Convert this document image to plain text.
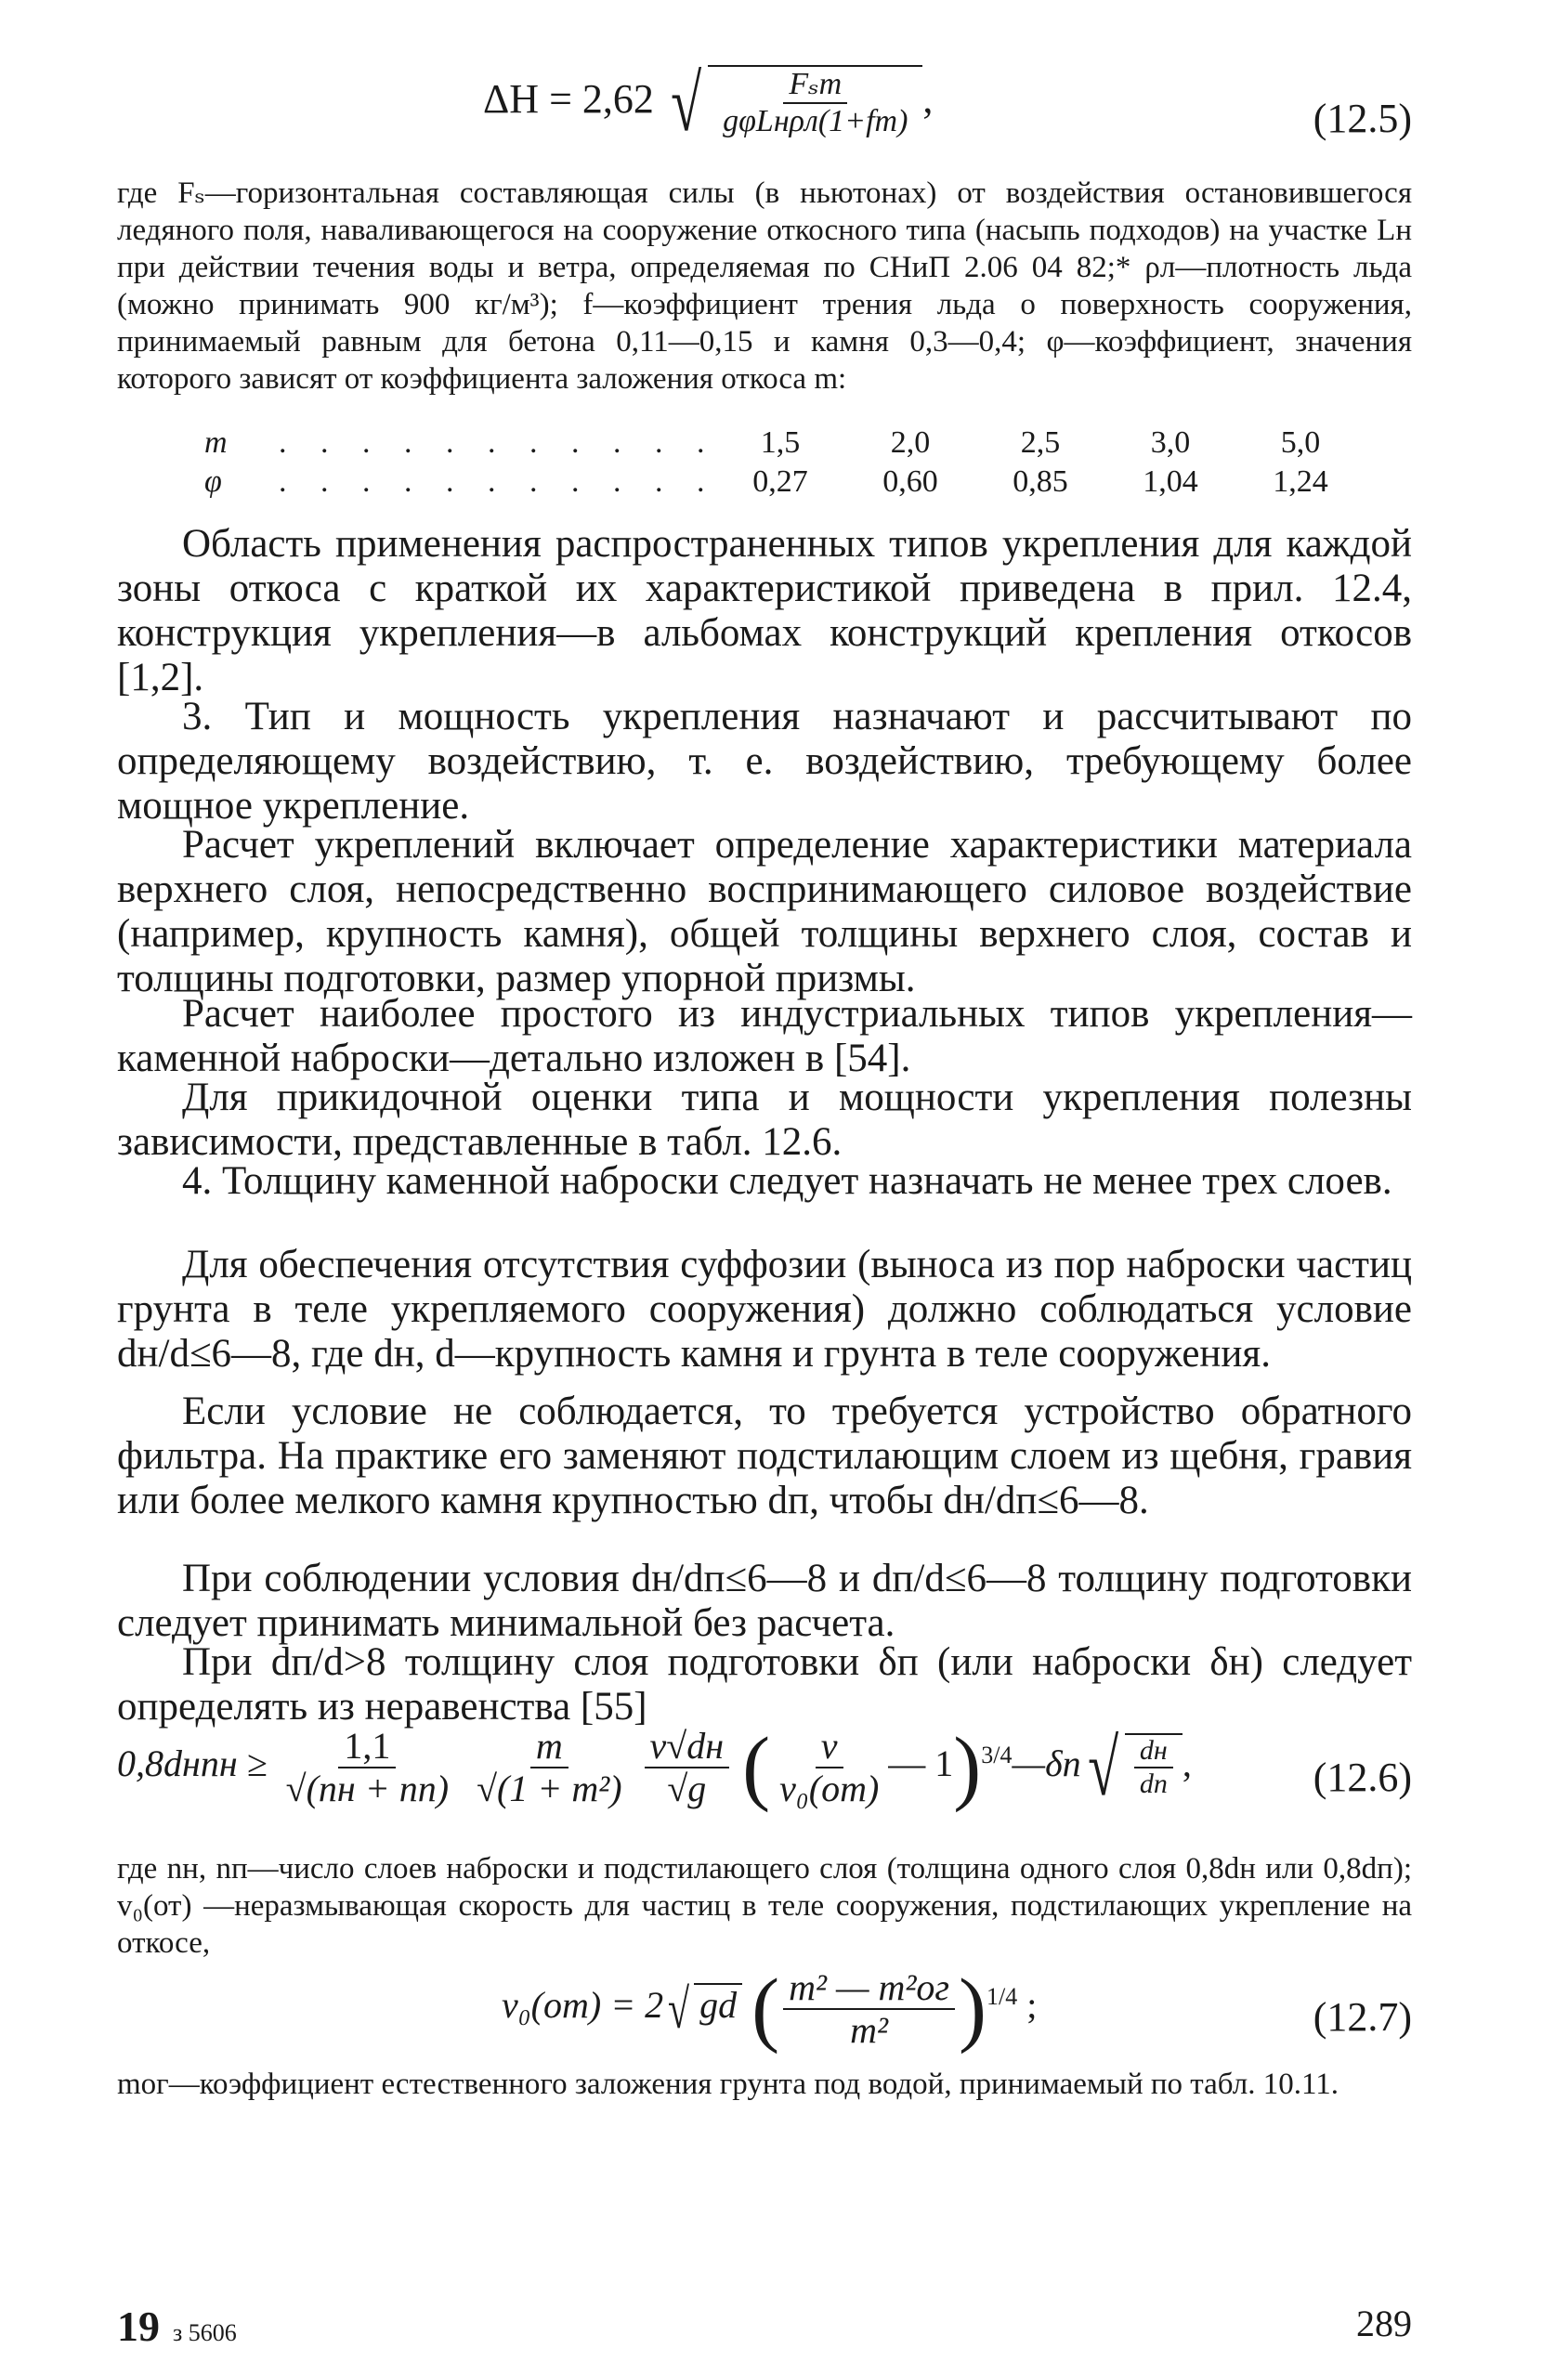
ΔH = 2,62 √ $\frac{\text{Fₛm}}{\text{gφLнρл(1+fm)}}$ ,	(12.5)
где Fₛ—горизонтальная составляющая силы (в ньютонах) от воздействия остановившегося ледяного поля, наваливающегося на сооружение откосного типа (насыпь подходов) на участке Lн при действии течения воды и ветра, определяемая по СНиП 2.06 04 82;* ρл—плотность льда (можно принимать 900 кг/м³); f—коэффициент трения льда о поверхность сооружения, принимаемый равным для бетона 0,11—0,15 и камня 0,3—0,4; φ—коэффициент, значения которого зависят от коэффициента заложения откоса m:
m . . . . . . . . . . .	1,5	2,0	2,5	3,0	5,0
φ . . . . . . . . . . .	0,27	0,60	0,85	1,04	1,24
Область применения распространенных типов укрепления для каждой зоны откоса с краткой их характеристикой приведена в прил. 12.4, конструкция укрепления—в альбомах конструкций крепления откосов [1,2].
3. Тип и мощность укрепления назначают и рассчитывают по определяющему воздействию, т. е. воздействию, требующему более мощное укрепление.
Расчет укреплений включает определение характеристики материала верхнего слоя, непосредственно воспринимающего силовое воздействие (например, крупность камня), общей толщины верхнего слоя, состав и толщины подготовки, размер упорной призмы.
Расчет наиболее простого из индустриальных типов укрепления—каменной наброски—детально изложен в [54].
Для прикидочной оценки типа и мощности укрепления полезны зависимости, представленные в табл. 12.6.
4. Толщину каменной наброски следует назначать не менее трех слоев.
Для обеспечения отсутствия суффозии (выноса из пор наброски частиц грунта в теле укрепляемого сооружения) должно соблюдаться условие dн/d≤6—8, где dн, d—крупность камня и грунта в теле сооружения.
Если условие не соблюдается, то требуется устройство обратного фильтра. На практике его заменяют подстилающим слоем из щебня, гравия или более мелкого камня крупностью dп, чтобы dн/dп≤6—8.
При соблюдении условия dн/dп≤6—8 и dп/d≤6—8 толщину подготовки следует принимать минимальной без расчета.
При dп/d>8 толщину слоя подготовки δп (или наброски δн) следует определять из неравенства [55]
0,8dнnн ≥ $\frac{1,1}{√(nн + nп)}$
$\frac{m}{\text{√(1 + m²)}}$
$\frac{v√dн}{√g}$ ( $\frac{v}{\text{v₀(от)}}$ — 1)$^{3/4}$—δп√ $\frac{dн}{dп}$ ,	(12.6)
где nн, nп—число слоев наброски и подстилающего слоя (толщина одного слоя 0,8dн или 0,8dп); v₀(от) —неразмывающая скорость для частиц в теле сооружения, подстилающих укрепление на откосе,
v₀(от) = 2√ gd ( $\frac{\text{m² — m²ог}}{\text{m²}} )^{1/4}$ ;	(12.7)
mог—коэффициент естественного заложения грунта под водой, принимаемый по табл. 10.11.
19 з 5606	289
